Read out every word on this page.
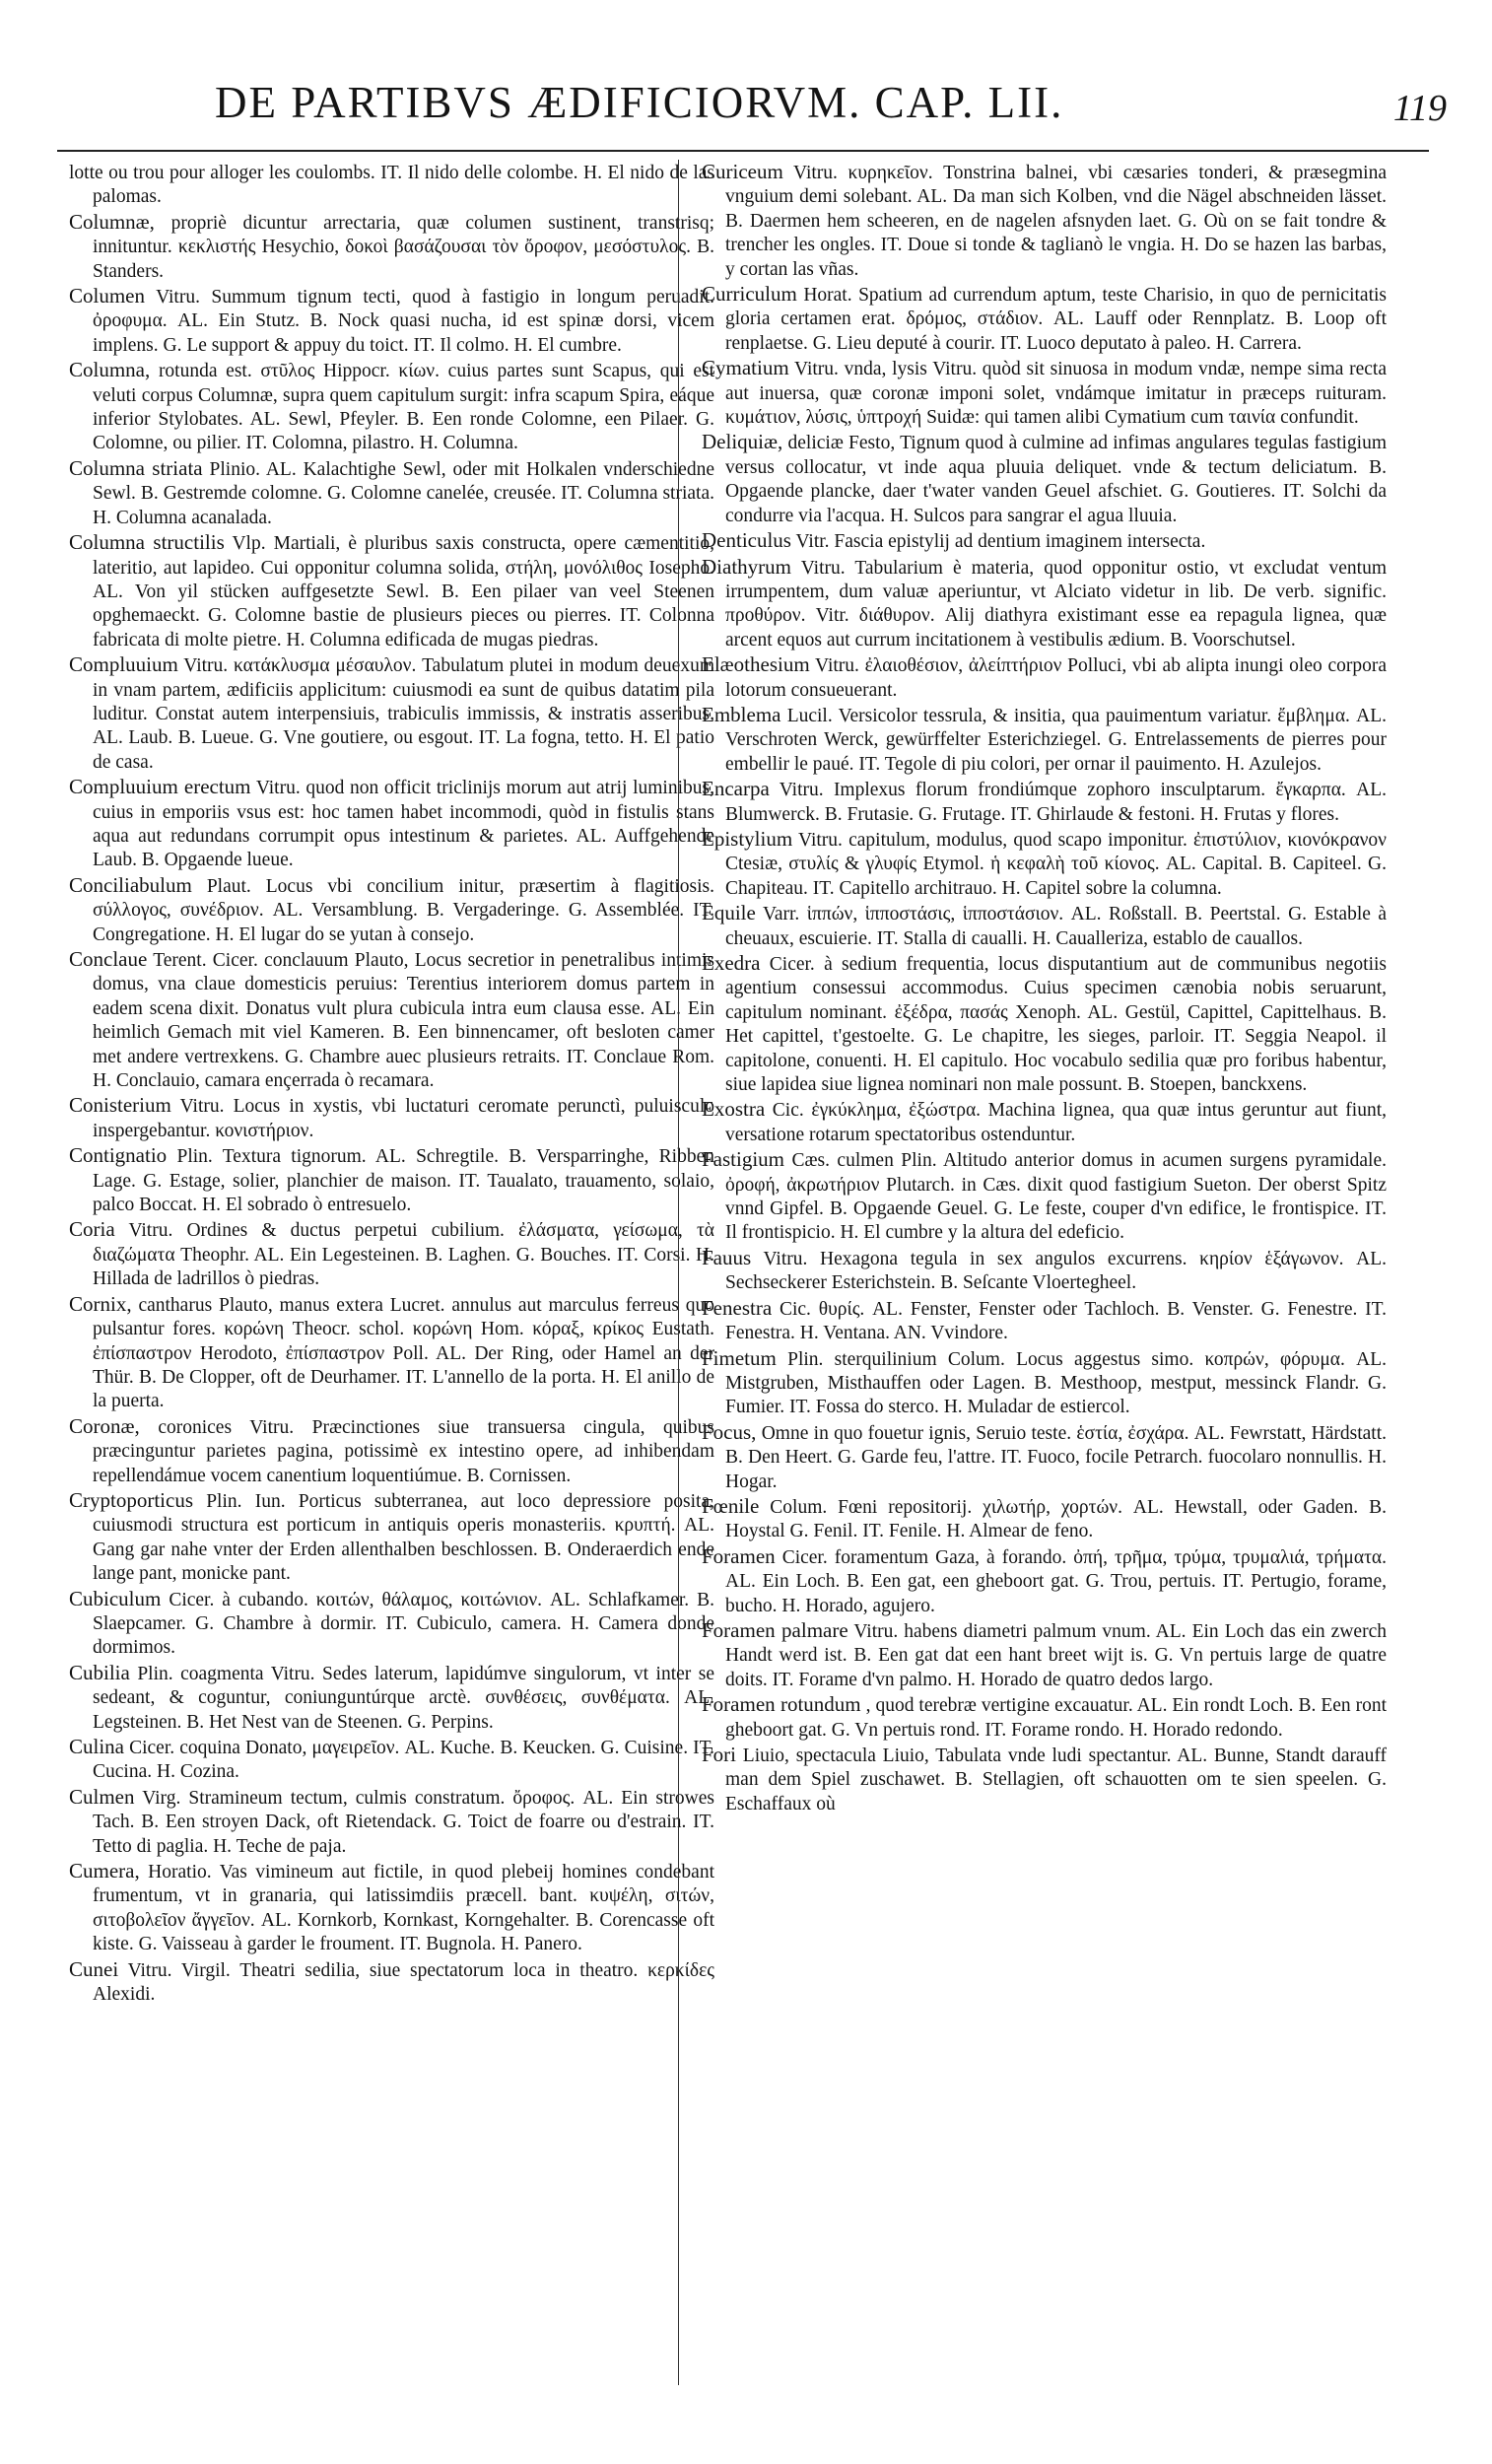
DE PARTIBVS ÆDIFICIORVM. CAP. LII.	119

lotte ou trou pour alloger les coulombs. IT. Il nido delle colombe. H. El nido de las palomas.

Columnæ, propriè dicuntur arrectaria, quæ columen sustinent, transtrisq; innituntur. κεκλιστής Hesychio, δοκοὶ βασάζουσαι τὸν ὄροφον, μεσόστυλος. B. Standers.

Columen Vitru. Summum tignum tecti, quod à fastigio in longum peruadit. ὀροφυμα. AL. Ein Stutz. B. Nock quasi nucha, id est spinæ dorsi, vicem implens. G. Le support & appuy du toict. IT. Il colmo. H. El cumbre.

Columna, rotunda est. στῦλος Hippocr. κίων. cuius partes sunt Scapus, qui est veluti corpus Columnæ, supra quem capitulum surgit: infra scapum Spira, eáque inferior Stylobates. AL. Sewl, Pfeyler. B. Een ronde Colomne, een Pilaer. G. Colomne, ou pilier. IT. Colomna, pilastro. H. Columna.

Columna striata Plinio. AL. Kalachtighe Sewl, oder mit Holkalen vnderschiedne Sewl. B. Gestremde colomne. G. Colomne canelée, creusée. IT. Columna striata. H. Columna acanalada.

Columna structilis Vlp. Martiali, è pluribus saxis constructa, opere cæmentitio, lateritio, aut lapideo. Cui opponitur columna solida, στήλη, μονόλιθος Iosepho. AL. Von yil stücken auffgesetzte Sewl. B. Een pilaer van veel Steenen opghemaeckt. G. Colomne bastie de plusieurs pieces ou pierres. IT. Colonna fabricata di molte pietre. H. Columna edificada de mugas piedras.

Compluuium Vitru. κατάκλυσμα μέσαυλον. Tabulatum plutei in modum deuexum in vnam partem, ædificiis applicitum: cuiusmodi ea sunt de quibus datatim pila luditur. Constat autem interpensiuis, trabiculis immissis, & instratis asseribus. AL. Laub. B. Lueue. G. Vne goutiere, ou esgout. IT. La fogna, tetto. H. El patio de casa.

Compluuium erectum Vitru. quod non officit triclinijs morum aut atrij luminibus, cuius in emporiis vsus est: hoc tamen habet incommodi, quòd in fistulis stans aqua aut redundans corrumpit opus intestinum & parietes. AL. Auffgehende Laub. B. Opgaende lueue.

Conciliabulum Plaut. Locus vbi concilium initur, præsertim à flagitiosis. σύλλογος, συνέδριον. AL. Versamblung. B. Vergaderinge. G. Assemblée. IT. Congregatione. H. El lugar do se yutan à consejo.

Conclaue Terent. Cicer. conclauum Plauto, Locus secretior in penetralibus intimis domus, vna claue domesticis peruius: Terentius interiorem domus partem in eadem scena dixit. Donatus vult plura cubicula intra eum clausa esse. AL. Ein heimlich Gemach mit viel Kameren. B. Een binnencamer, oft besloten camer met andere vertrexkens. G. Chambre auec plusieurs retraits. IT. Conclaue Rom. H. Conclauio, camara ençerrada ò recamara.

Conisterium Vitru. Locus in xystis, vbi luctaturi ceromate perunctì, puluisculo inspergebantur. κονιστήριον.

Contignatio Plin. Textura tignorum. AL. Schregtile. B. Versparringhe, Ribben Lage. G. Estage, solier, planchier de maison. IT. Taualato, trauamento, solaio, palco Boccat. H. El sobrado ò entresuelo.

Coria Vitru. Ordines & ductus perpetui cubilium. ἐλάσματα, γείσωμα, τὰ διαζώματα Theophr. AL. Ein Legesteinen. B. Laghen. G. Bouches. IT. Corsi. H. Hillada de ladrillos ò piedras.

Cornix, cantharus Plauto, manus extera Lucret. annulus aut marculus ferreus quo pulsantur fores. κορώνη Theocr. schol. κορώνη Hom. κόραξ, κρίκος Eustath. ἐπίσπαστρον Herodoto, ἐπίσπαστρον Poll. AL. Der Ring, oder Hamel an der Thür. B. De Clopper, oft de Deurhamer. IT. L'annello de la porta. H. El anillo de la puerta.

Coronæ, coronices Vitru. Præcinctiones siue transuersa cingula, quibus præcinguntur parietes pagina, potissimè ex intestino opere, ad inhibendam repellendámue vocem canentium loquentiúmue. B. Cornissen.

Cryptoporticus Plin. Iun. Porticus subterranea, aut loco depressiore posita, cuiusmodi structura est porticum in antiquis operis monasteriis. κρυπτή. AL. Gang gar nahe vnter der Erden allenthalben beschlossen. B. Onderaerdich ende lange pant, monicke pant.

Cubiculum Cicer. à cubando. κοιτών, θάλαμος, κοιτώνιον. AL. Schlafkamer. B. Slaepcamer. G. Chambre à dormir. IT. Cubiculo, camera. H. Camera donde dormimos.

Cubilia Plin. coagmenta Vitru. Sedes laterum, lapidúmve singulorum, vt inter se sedeant, & coguntur, coniunguntúrque arctè. συνθέσεις, συνθέματα. AL. Legsteinen. B. Het Nest van de Steenen. G. Perpins.

Culina Cicer. coquina Donato, μαγειρεῖον. AL. Kuche. B. Keucken. G. Cuisine. IT. Cucina. H. Cozina.

Culmen Virg. Stramineum tectum, culmis constratum. ὄροφος. AL. Ein strowes Tach. B. Een stroyen Dack, oft Rietendack. G. Toict de foarre ou d'estrain. IT. Tetto di paglia. H. Teche de paja.

Cumera, Horatio. Vas vimineum aut fictile, in quod plebeij homines condebant frumentum, vt in granaria, qui latissimdiis præcell. bant. κυψέλη, σιτών, σιτοβολεῖον ἄγγεῖον. AL. Kornkorb, Kornkast, Korngehalter. B. Corencasse oft kiste. G. Vaisseau à garder le froument. IT. Bugnola. H. Panero.

Cunei Vitru. Virgil. Theatri sedilia, siue spectatorum loca in theatro. κερκίδες Alexidi.

Curiceum Vitru. κυρηκεῖον. Tonstrina balnei, vbi cæsaries tonderi, & præsegmina vnguium demi solebant. AL. Da man sich Kolben, vnd die Nägel abschneiden lässet. B. Daermen hem scheeren, en de nagelen afsnyden laet. G. Où on se fait tondre & trencher les ongles. IT. Doue si tonde & taglianò le vngia. H. Do se hazen las barbas, y cortan las vñas.

Curriculum Horat. Spatium ad currendum aptum, teste Charisio, in quo de pernicitatis gloria certamen erat. δρόμος, στάδιον. AL. Lauff oder Rennplatz. B. Loop oft renplaetse. G. Lieu deputé à courir. IT. Luoco deputato à paleo. H. Carrera.

Cymatium Vitru. vnda, lysis Vitru. quòd sit sinuosa in modum vndæ, nempe sima recta aut inuersa, quæ coronæ imponi solet, vndámque imitatur in præceps ruituram. κυμάτιον, λύσις, ὑπτροχή Suidæ: qui tamen alibi Cymatium cum ταινία confundit.

Deliquiæ, deliciæ Festo, Tignum quod à culmine ad infimas angulares tegulas fastigium versus collocatur, vt inde aqua pluuia deliquet. vnde & tectum deliciatum. B. Opgaende plancke, daer t'water vanden Geuel afschiet. G. Goutieres. IT. Solchi da condurre via l'acqua. H. Sulcos para sangrar el agua lluuia.

Denticulus Vitr. Fascia epistylij ad dentium imaginem intersecta.

Diathyrum Vitru. Tabularium è materia, quod opponitur ostio, vt excludat ventum irrumpentem, dum valuæ aperiuntur, vt Alciato videtur in lib. De verb. signific. προθύρον. Vitr. διάθυρον. Alij diathyra existimant esse ea repagula lignea, quæ arcent equos aut currum incitationem à vestibulis ædium. B. Voorschutsel.

Elæothesium Vitru. ἐλαιοθέσιον, ἀλείπτήριον Polluci, vbi ab alipta inungi oleo corpora lotorum consueuerant.

Emblema Lucil. Versicolor tessrula, & insitia, qua pauimentum variatur. ἔμβλημα. AL. Verschroten Werck, gewürffelter Esterichziegel. G. Entrelassements de pierres pour embellir le paué. IT. Tegole di piu colori, per ornar il pauimento. H. Azulejos.

Encarpa Vitru. Implexus florum frondiúmque zophoro insculptarum. ἔγκαρπα. AL. Blumwerck. B. Frutasie. G. Frutage. IT. Ghirlaude & festoni. H. Frutas y flores.

Epistylium Vitru. capitulum, modulus, quod scapo imponitur. ἐπιστύλιον, κιονόκρανον Ctesiæ, στυλίς & γλυφίς Etymol. ἡ κεφαλὴ τοῦ κίονος. AL. Capital. B. Capiteel. G. Chapiteau. IT. Capitello architrauo. H. Capitel sobre la columna.

Equile Varr. ἱππών, ἱπποστάσις, ἱπποστάσιον. AL. Roßstall. B. Peertstal. G. Estable à cheuaux, escuierie. IT. Stalla di caualli. H. Caualleriza, establo de cauallos.

Exedra Cicer. à sedium frequentia, locus disputantium aut de communibus negotiis agentium consessui accommodus. Cuius specimen cænobia nobis seruarunt, capitulum nominant. ἐξέδρα, πασάς Xenoph. AL. Gestül, Capittel, Capittelhaus. B. Het capittel, t'gestoelte. G. Le chapitre, les sieges, parloir. IT. Seggia Neapol. il capitolone, conuenti. H. El capitulo. Hoc vocabulo sedilia quæ pro foribus habentur, siue lapidea siue lignea nominari non male possunt. B. Stoepen, banckxens.

Exostra Cic. ἐγκύκλημα, ἐξώστρα. Machina lignea, qua quæ intus geruntur aut fiunt, versatione rotarum spectatoribus ostenduntur.

Fastigium Cæs. culmen Plin. Altitudo anterior domus in acumen surgens pyramidale. ὀροφή, ἀκρωτήριον Plutarch. in Cæs. dixit quod fastigium Sueton. Der oberst Spitz vnnd Gipfel. B. Opgaende Geuel. G. Le feste, couper d'vn edifice, le frontispice. IT. Il frontispicio. H. El cumbre y la altura del edeficio.

Fauus Vitru. Hexagona tegula in sex angulos excurrens. κηρίον ἑξάγωνον. AL. Sechseckerer Esterichstein. B. Seſcante Vloertegheel.

Fenestra Cic. θυρίς. AL. Fenster, Fenster oder Tachloch. B. Venster. G. Fenestre. IT. Fenestra. H. Ventana. AN. Vvindore.

Fimetum Plin. sterquilinium Colum. Locus aggestus simo. κοπρών, φόρυμα. AL. Mistgruben, Misthauffen oder Lagen. B. Mesthoop, mestput, messinck Flandr. G. Fumier. IT. Fossa do sterco. H. Muladar de estiercol.

Focus, Omne in quo fouetur ignis, Seruio teste. ἑστία, ἐσχάρα. AL. Fewrstatt, Härdstatt. B. Den Heert. G. Garde feu, l'attre. IT. Fuoco, focile Petrarch. fuocolaro nonnullis. H. Hogar.

Fœnile Colum. Fœni repositorij. χιλωτήρ, χορτών. AL. Hewstall, oder Gaden. B. Hoystal G. Fenil. IT. Fenile. H. Almear de feno.

Foramen Cicer. foramentum Gaza, à forando. ὀπή, τρῆμα, τρύμα, τρυμαλιά, τρήματα. AL. Ein Loch. B. Een gat, een gheboort gat. G. Trou, pertuis. IT. Pertugio, forame, bucho. H. Horado, agujero.

Foramen palmare Vitru. habens diametri palmum vnum. AL. Ein Loch das ein zwerch Handt werd ist. B. Een gat dat een hant breet wijt is. G. Vn pertuis large de quatre doits. IT. Forame d'vn palmo. H. Horado de quatro dedos largo.

Foramen rotundum , quod terebræ vertigine excauatur. AL. Ein rondt Loch. B. Een ront gheboort gat. G. Vn pertuis rond. IT. Forame rondo. H. Horado redondo.

Fori Liuio, spectacula Liuio, Tabulata vnde ludi spectantur. AL. Bunne, Standt darauff man dem Spiel zuschawet. B. Stellagien, oft schauotten om te sien speelen. G. Eschaffaux où
